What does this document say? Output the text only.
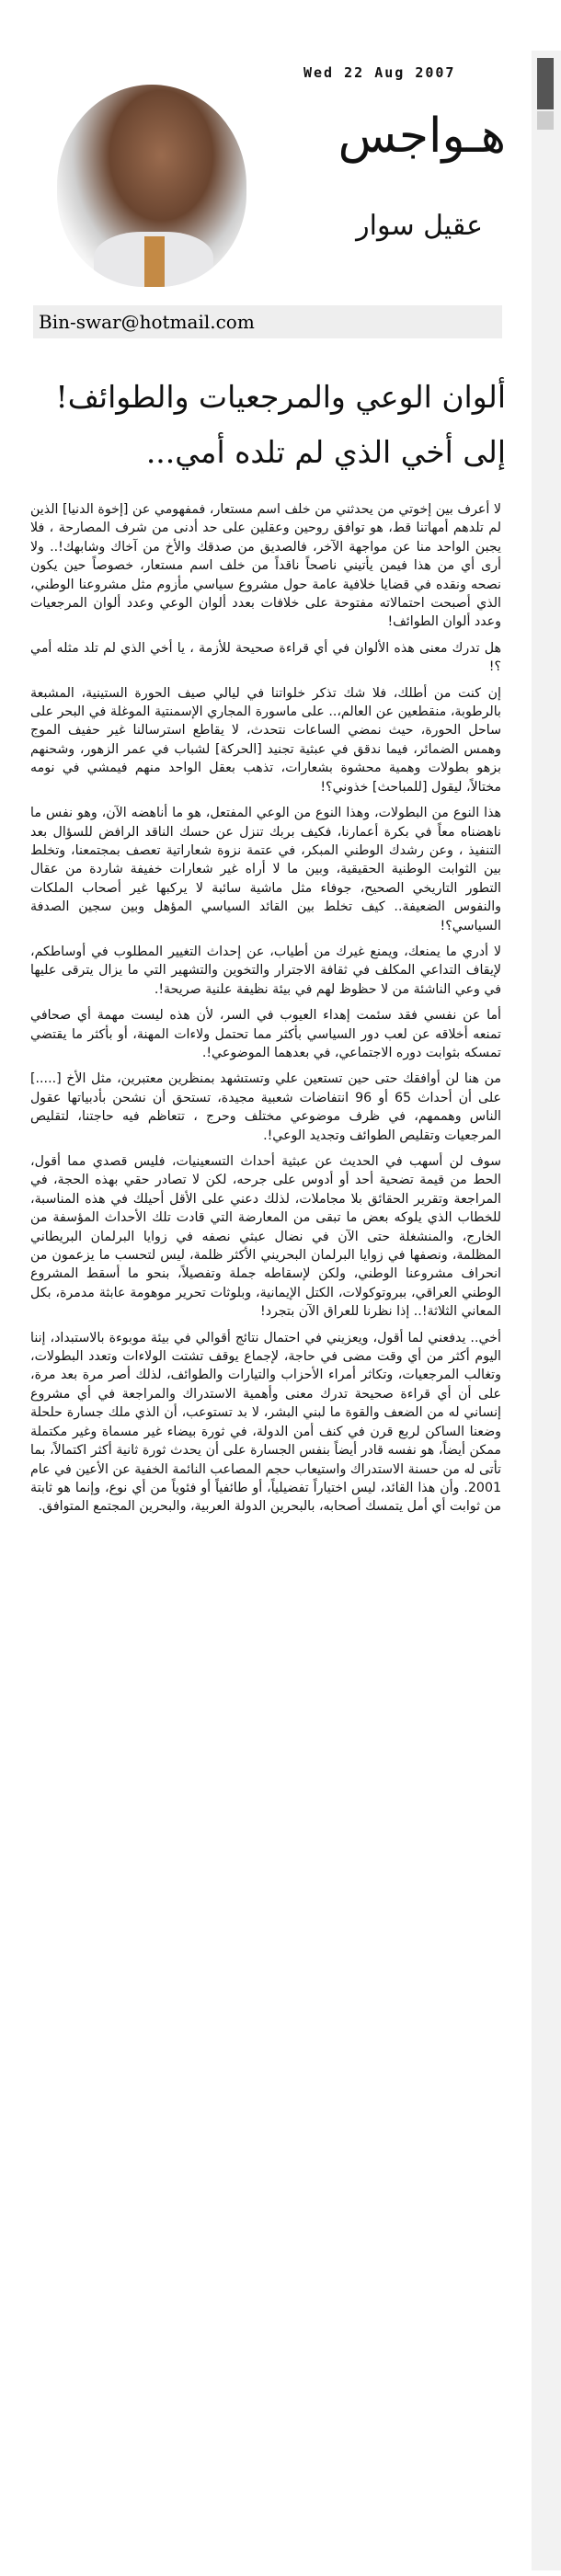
Wed 22 Aug 2007
هـواجس
عقيل سوار
Bin-swar@hotmail.com
ألوان الوعي والمرجعيات والطوائف!
إلى أخي الذي لم تلده أمي...

لا أعرف بين إخوتي من يحدثني من خلف اسم مستعار، فمفهومي عن [إخوة الدنيا] الذين لم تلدهم أمهاتنا قط، هو توافق روحين وعقلين على حد أدنى من شرف المصارحة ، فلا يجبن الواحد منا عن مواجهة الآخر، فالصديق من صدقك والأخ من آخاك وشابهك!.. ولا أرى أي من هذا فيمن يأتيني ناصحاً ناقداً من خلف اسم مستعار، خصوصاً حين يكون نصحه ونقده في قضايا خلافية عامة حول مشروع سياسي مأزوم مثل مشروعنا الوطني، الذي أصبحت احتمالاته مفتوحة على خلافات بعدد ألوان الوعي وعدد ألوان المرجعيات وعدد ألوان الطوائف!

هل تدرك معنى هذه الألوان في أي قراءة صحيحة للأزمة ، يا أخي الذي لم تلد مثله أمي ؟!

إن كنت من أطلك، فلا شك تذكر خلواتنا في ليالي صيف الحورة الستينية، المشبعة بالرطوبة، منقطعين عن العالم،.. على ماسورة المجاري الإسمنتية الموغلة في البحر على ساحل الحورة، حيث نمضي الساعات نتحدث، لا يقاطع استرسالنا غير حفيف الموج وهمس الضمائر، فيما ندقق في عبثية تجنيد [الحركة] لشباب في عمر الزهور، وشحنهم بزهو بطولات وهمية محشوة بشعارات، تذهب بعقل الواحد منهم فيمشي في نومه مختالاً، ليقول [للمباحث] خذوني؟!

هذا النوع من البطولات، وهذا النوع من الوعي المفتعل، هو ما أناهضه الآن، وهو نفس ما ناهضناه معاً في بكرة أعمارنا، فكيف بربك تنزل عن حسك الناقد الرافض للسؤال بعد التنفيذ ، وعن رشدك الوطني المبكر، في عتمة نزوة شعاراتية تعصف بمجتمعنا، وتخلط بين الثوابت الوطنية الحقيقية، وبين ما لا أراه غير شعارات خفيفة شاردة من عقال التطور التاريخي الصحيح، جوفاء مثل ماشية سائبة لا يركبها غير أصحاب الملكات والنفوس الضعيفة.. كيف تخلط بين القائد السياسي المؤهل وبين سجين الصدفة السياسي؟!

لا أدري ما يمنعك، ويمنع غيرك من أطياب، عن إحداث التغيير المطلوب في أوساطكم، لإيقاف التداعي المكلف في ثقافة الاجترار والتخوين والتشهير التي ما يزال يترقى عليها في وعي الناشئة من لا حظوظ لهم في بيئة نظيفة علنية صريحة!.

أما عن نفسي فقد سئمت إهداء العيوب في السر، لأن هذه ليست مهمة أي صحافي تمنعه أخلاقه عن لعب دور السياسي بأكثر مما تحتمل ولاءات المهنة، أو بأكثر ما يقتضي تمسكه بثوابت دوره الاجتماعي، في بعدهما الموضوعي!.

من هنا لن أوافقك حتى حين تستعين علي وتستشهد بمنظرين معتبرين، مثل الأخ [.....] على أن أحداث 65 أو 96 انتفاضات شعبية مجيدة، تستحق أن نشحن بأدبياتها عقول الناس وهممهم، في ظرف موضوعي مختلف وحرج ، تتعاظم فيه حاجتنا، لتقليص المرجعيات وتقليص الطوائف وتجديد الوعي!.

سوف لن أسهب في الحديث عن عبثية أحداث التسعينيات، فليس قصدي مما أقول، الحط من قيمة تضحية أحد أو أدوس على جرحه، لكن لا تصادر حقي بهذه الحجة، في المراجعة وتقرير الحقائق بلا مجاملات، لذلك دعني على الأقل أحيلك في هذه المناسبة، للخطاب الذي يلوكه بعض ما تبقى من المعارضة التي قادت تلك الأحداث المؤسفة من الخارج، والمنشغلة حتى الآن في نضال عبثي نصفه في زوايا البرلمان البريطاني المظلمة، ونصفها في زوايا البرلمان البحريني الأكثر ظلمة، ليس لتحسب ما يزعمون من انحراف مشروعنا الوطني، ولكن لإسقاطه جملة وتفصيلاً، بنحو ما أسقط المشروع الوطني العراقي، ببروتوكولات، الكتل الإيمانية، وبلوثات تحرير موهومة عابثة مدمرة، بكل المعاني الثلاثة!.. إذا نظرنا للعراق الآن بتجرد!

أخي.. يدفعني لما أقول، ويعزيني في احتمال نتائج أقوالي في بيئة موبوءة بالاستبداد، إننا اليوم أكثر من أي وقت مضى في حاجة، لإجماع يوقف تشتت الولاءات وتعدد البطولات، وتغالب المرجعيات، وتكاثر أمراء الأحزاب والتيارات والطوائف، لذلك أصر مرة بعد مرة، على أن أي قراءة صحيحة تدرك معنى وأهمية الاستدراك والمراجعة في أي مشروع إنساني له من الضعف والقوة ما لبني البشر، لا بد تستوعب، أن الذي ملك جسارة حلحلة وضعنا الساكن لربع قرن في كنف أمن الدولة، في ثورة بيضاء غير مسماة وغير مكتملة ممكن أيضاً، هو نفسه قادر أيضاً بنفس الجسارة على أن يحدث ثورة ثانية أكثر اكتمالاً، بما تأتى له من حسنة الاستدراك واستيعاب حجم المصاعب النائمة الخفية عن الأعين في عام 2001. وأن هذا القائد، ليس اختياراً تفضيلياً، أو طائفياً أو فئوياً من أي نوع، وإنما هو ثابتة من ثوابت أي أمل يتمسك أصحابه، بالبحرين الدولة العربية، والبحرين المجتمع المتوافق.
